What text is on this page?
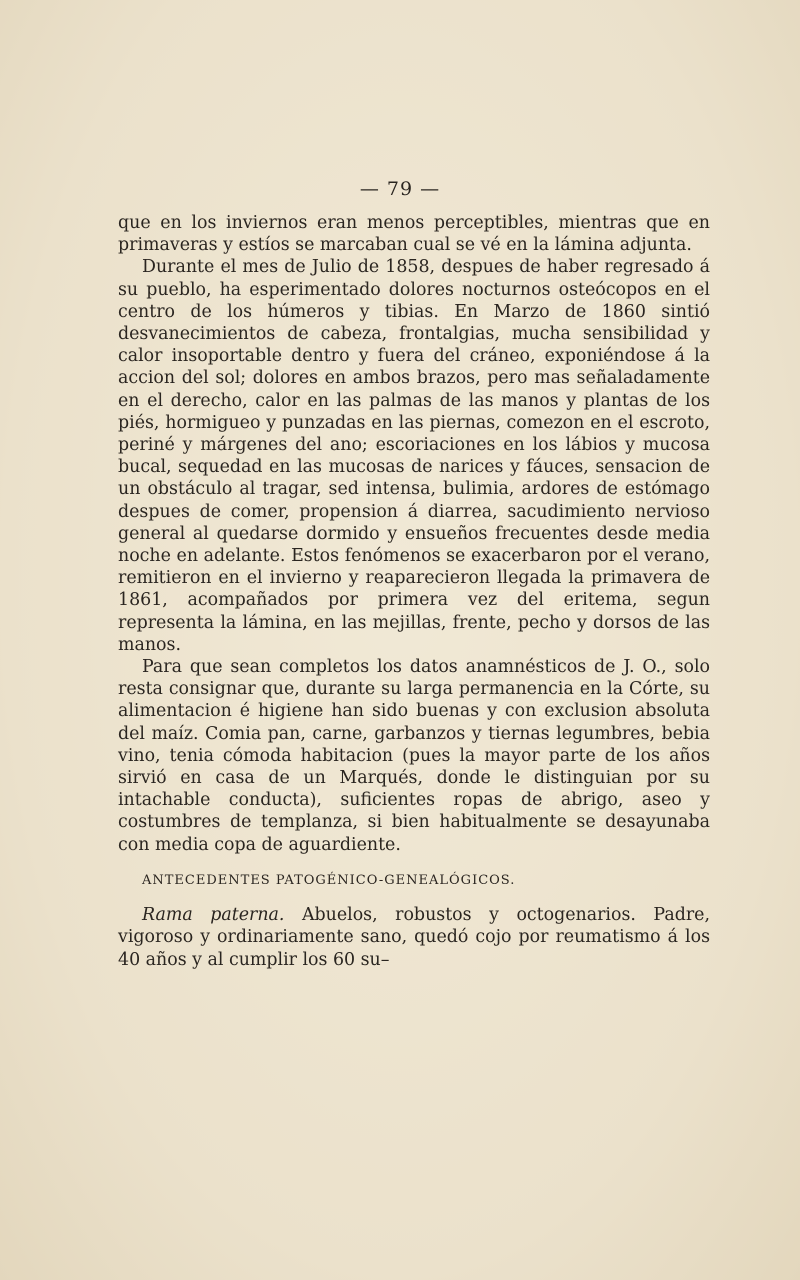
— 79 —

que en los inviernos eran menos perceptibles, mientras que en primaveras y estíos se marcaban cual se vé en la lámina adjunta.

Durante el mes de Julio de 1858, despues de haber regresado á su pueblo, ha esperimentado dolores nocturnos osteócopos en el centro de los húmeros y tibias. En Marzo de 1860 sintió desvanecimientos de cabeza, frontalgias, mucha sensibilidad y calor insoportable dentro y fuera del cráneo, exponiéndose á la accion del sol; dolores en ambos brazos, pero mas señaladamente en el derecho, calor en las palmas de las manos y plantas de los piés, hormigueo y punzadas en las piernas, comezon en el escroto, periné y márgenes del ano; escoriaciones en los lábios y mucosa bucal, sequedad en las mucosas de narices y fáuces, sensacion de un obstáculo al tragar, sed intensa, bulimia, ardores de estómago despues de comer, propension á diarrea, sacudimiento nervioso general al quedarse dormido y ensueños frecuentes desde media noche en adelante. Estos fenómenos se exacerbaron por el verano, remitieron en el invierno y reaparecieron llegada la primavera de 1861, acompañados por primera vez del eritema, segun representa la lámina, en las mejillas, frente, pecho y dorsos de las manos.

Para que sean completos los datos anamnésticos de J. O., solo resta consignar que, durante su larga permanencia en la Córte, su alimentacion é higiene han sido buenas y con exclusion absoluta del maíz. Comia pan, carne, garbanzos y tiernas legumbres, bebia vino, tenia cómoda habitacion (pues la mayor parte de los años sirvió en casa de un Marqués, donde le distinguian por su intachable conducta), suficientes ropas de abrigo, aseo y costumbres de templanza, si bien habitualmente se desayunaba con media copa de aguardiente.

ANTECEDENTES PATOGÉNICO-GENEALÓGICOS.

Rama paterna. Abuelos, robustos y octogenarios. Padre, vigoroso y ordinariamente sano, quedó cojo por reumatismo á los 40 años y al cumplir los 60 su–
